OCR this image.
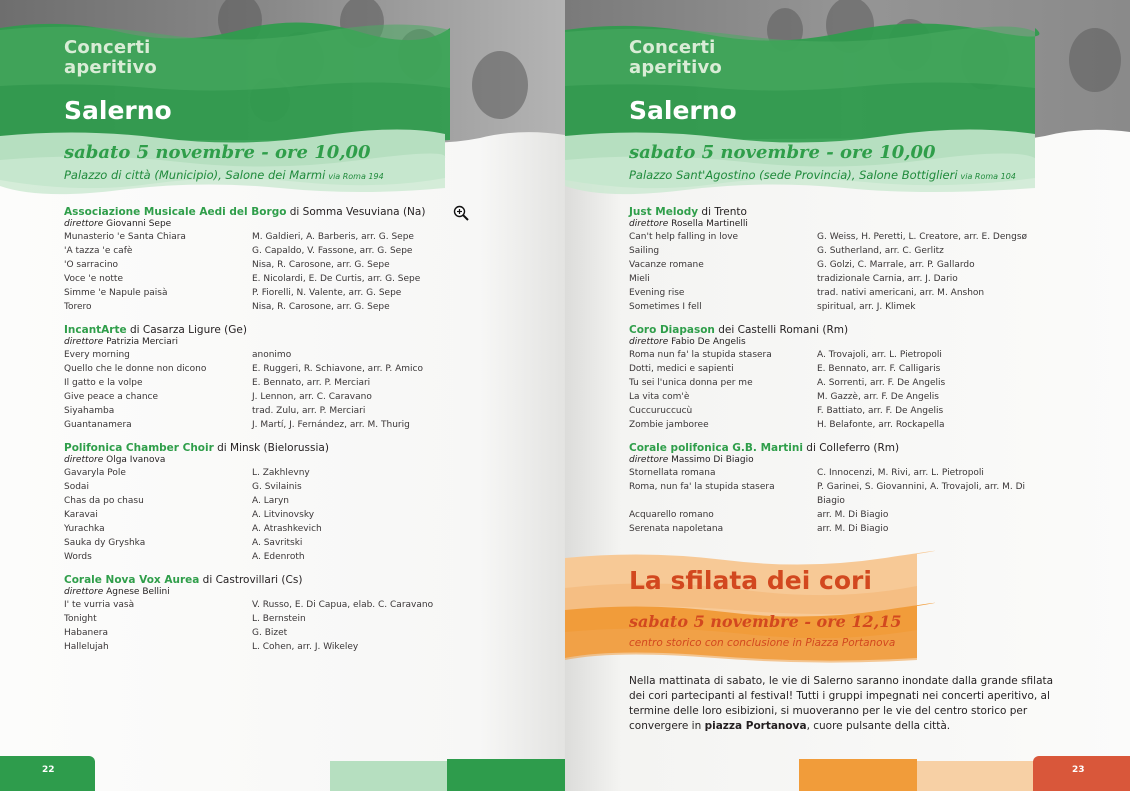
Concerti
aperitivo
Salerno
sabato 5 novembre - ore 10,00
Palazzo di città (Municipio), Salone dei Marmi via Roma 194
Associazione Musicale Aedi del Borgo di Somma Vesuviana (Na)
direttore Giovanni Sepe
Munasterio 'e Santa Chiara	M. Galdieri, A. Barberis, arr. G. Sepe
'A tazza 'e cafè	G. Capaldo, V. Fassone, arr. G. Sepe
'O sarracino	Nisa, R. Carosone, arr. G. Sepe
Voce 'e notte	E. Nicolardi, E. De Curtis, arr. G. Sepe
Simme 'e Napule paisà	P. Fiorelli, N. Valente, arr. G. Sepe
Torero	Nisa, R. Carosone, arr. G. Sepe
IncantArte di Casarza Ligure (Ge)
direttore Patrizia Merciari
Every morning	anonimo
Quello che le donne non dicono	E. Ruggeri, R. Schiavone, arr. P. Amico
Il gatto e la volpe	E. Bennato, arr. P. Merciari
Give peace a chance	J. Lennon, arr. C. Caravano
Siyahamba	trad. Zulu, arr. P. Merciari
Guantanamera	J. Martí, J. Fernández, arr. M. Thurig
Polifonica Chamber Choir di Minsk (Bielorussia)
direttore Olga Ivanova
Gavaryla Pole	L. Zakhlevny
Sodai	G. Svilainis
Chas da po chasu	A. Laryn
Karavai	A. Litvinovsky
Yurachka	A. Atrashkevich
Sauka dy Gryshka	A. Savritski
Words	A. Edenroth
Corale Nova Vox Aurea di Castrovillari (Cs)
direttore Agnese Bellini
I' te vurria vasà	V. Russo, E. Di Capua, elab. C. Caravano
Tonight	L. Bernstein
Habanera	G. Bizet
Hallelujah	L. Cohen, arr. J. Wikeley
22
Concerti
aperitivo
Salerno
sabato 5 novembre - ore 10,00
Palazzo Sant'Agostino (sede Provincia), Salone Bottiglieri via Roma 104
Just Melody di Trento
direttore Rosella Martinelli
Can't help falling in love	G. Weiss, H. Peretti, L. Creatore, arr. E. Dengsø
Sailing	G. Sutherland, arr. C. Gerlitz
Vacanze romane	G. Golzi, C. Marrale, arr. P. Gallardo
Mieli	tradizionale Carnia, arr. J. Dario
Evening rise	trad. nativi americani, arr. M. Anshon
Sometimes I fell	spiritual, arr. J. Klimek
Coro Diapason dei Castelli Romani (Rm)
direttore Fabio De Angelis
Roma nun fa' la stupida stasera	A. Trovajoli, arr. L. Pietropoli
Dotti, medici e sapienti	E. Bennato, arr. F. Calligaris
Tu sei l'unica donna per me	A. Sorrenti, arr. F. De Angelis
La vita com'è	M. Gazzè, arr. F. De Angelis
Cuccuruccucù	F. Battiato, arr. F. De Angelis
Zombie jamboree	H. Belafonte, arr. Rockapella
Corale polifonica G.B. Martini di Colleferro (Rm)
direttore Massimo Di Biagio
Stornellata romana	C. Innocenzi, M. Rivi, arr. L. Pietropoli
Roma, nun fa' la stupida stasera	P. Garinei, S. Giovannini, A. Trovajoli, arr. M. Di Biagio
Acquarello romano	arr. M. Di Biagio
Serenata napoletana	arr. M. Di Biagio
La sfilata dei cori
sabato 5 novembre - ore 12,15
centro storico con conclusione in Piazza Portanova
Nella mattinata di sabato, le vie di Salerno saranno inondate dalla grande sfilata dei cori partecipanti al festival! Tutti i gruppi impegnati nei concerti aperitivo, al termine delle loro esibizioni, si muoveranno per le vie del centro storico per convergere in piazza Portanova, cuore pulsante della città.
23
